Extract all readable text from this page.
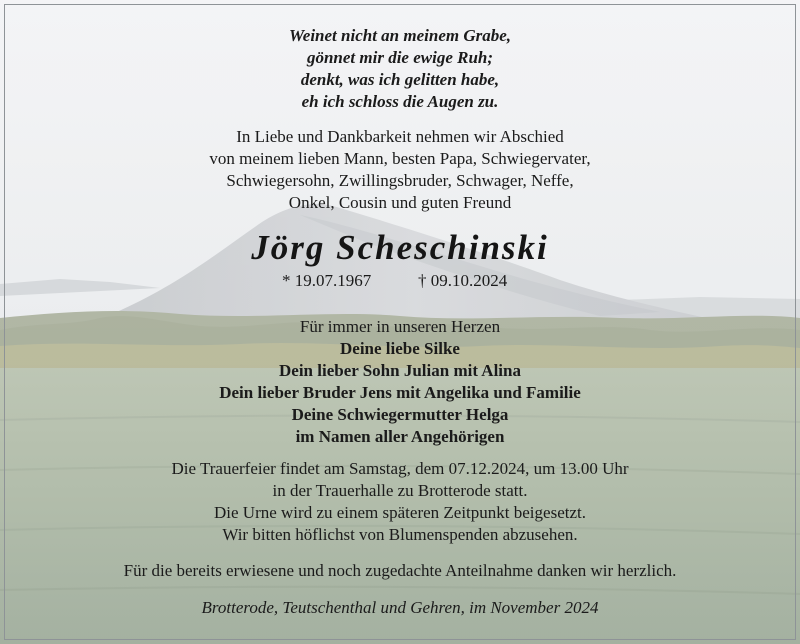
Weinet nicht an meinem Grabe,
gönnet mir die ewige Ruh;
denkt, was ich gelitten habe,
eh ich schloss die Augen zu.
In Liebe und Dankbarkeit nehmen wir Abschied
von meinem lieben Mann, besten Papa, Schwiegervater,
Schwiegersohn, Zwillingsbruder, Schwager, Neffe,
Onkel, Cousin und guten Freund
Jörg Scheschinski
* 19.07.1967	† 09.10.2024
Für immer in unseren Herzen
Deine liebe Silke
Dein lieber Sohn Julian mit Alina
Dein lieber Bruder Jens mit Angelika und Familie
Deine Schwiegermutter Helga
im Namen aller Angehörigen
Die Trauerfeier findet am Samstag, dem 07.12.2024, um 13.00 Uhr
in der Trauerhalle zu Brotterode statt.
Die Urne wird zu einem späteren Zeitpunkt beigesetzt.
Wir bitten höflichst von Blumenspenden abzusehen.
Für die bereits erwiesene und noch zugedachte Anteilnahme danken wir herzlich.
Brotterode, Teutschenthal und Gehren, im November 2024
